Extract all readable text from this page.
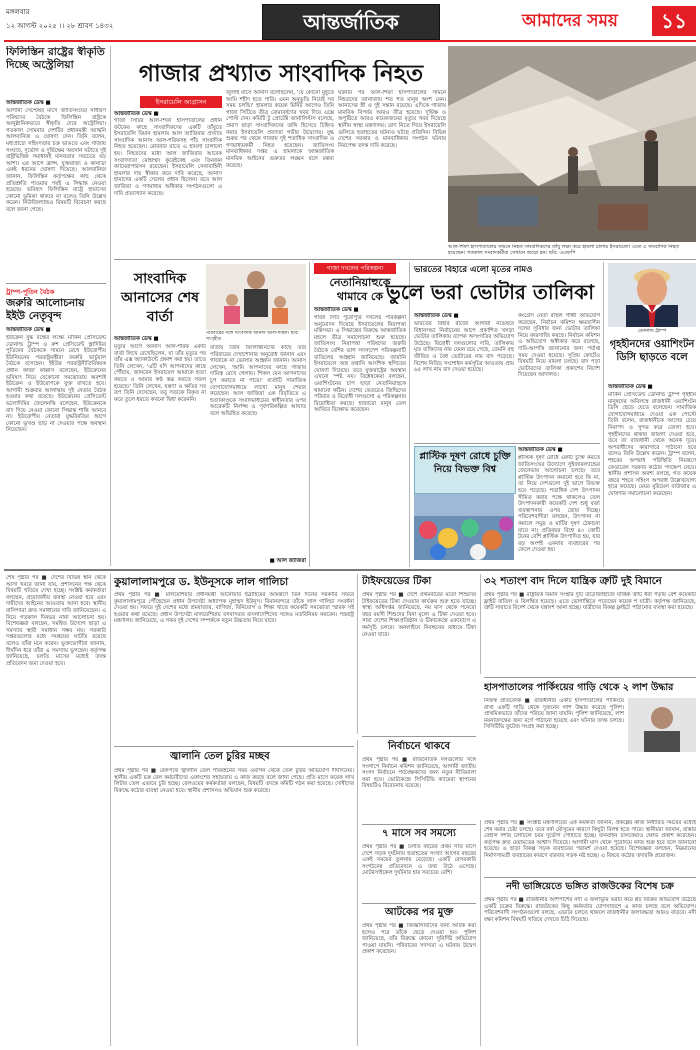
মঙ্গলবার
১২ আগস্ট ২০২৫ ।। ২৮ শ্রাবণ ১৪৩২	আন্তর্জাতিক	আমাদের সময়	১১
ফিলিস্তিন রাষ্ট্রের স্বীকৃতি দিচ্ছে অস্ট্রেলিয়া
আন্তর্জাতিক ডেস্ক ■
আগামী সেপ্টেম্বর মাসে জাতিসংঘের সাধারণ পরিষদের বৈঠকে ফিলিস্তিন রাষ্ট্রকে আনুষ্ঠানিকভাবে স্বীকৃতি দেবে অস্ট্রেলিয়া। গতকাল সোমবার দেশটির প্রধানমন্ত্রী অ্যান্থনি আলবানিজ এ ঘোষণা দেন। তিনি বলেন, মধ্যপ্রাচ্যে সহিংসতার চক্র ভাঙতে এবং গাজায় সংঘাত, দুর্ভোগ ও দুর্ভিক্ষের অবসান ঘটাতে দুই রাষ্ট্রভিত্তিক সমাধানই মানবতার সবচেয়ে বড় আশা। এর আগে ফ্রান্স, যুক্তরাজ্য ও কানাডা একই ধরনের ঘোষণা দিয়েছে। আলবানিজ জানান, ফিলিস্তিন কর্তৃপক্ষের কাছ থেকে প্রতিশ্রুতি পাওয়ার পরই এ সিদ্ধান্ত নেওয়া হয়েছে। ভবিষ্যৎ ফিলিস্তিন রাষ্ট্রে হামাসের কোনো ভূমিকা থাকবে না বলেও তিনি উল্লেখ করেন। নিউজিল্যান্ডও বিষয়টি বিবেচনা করছে বলে জানা গেছে।
ট্রাম্প-পুতিন বৈঠক
জরুরি আলোচনায় ইইউ নেতৃবৃন্দ
আন্তর্জাতিক ডেস্ক ■
ইউক্রেন যুদ্ধ বন্ধের লক্ষ্যে মার্কিন প্রেসিডেন্ট ডোনাল্ড ট্রাম্প ও রুশ প্রেসিডেন্ট ভ্লাদিমির পুতিনের বৈঠককে সামনে রেখে ইউরোপীয় ইউনিয়নের পররাষ্ট্রমন্ত্রীরা জরুরি ভার্চুয়াল বৈঠকে বসেছেন। ইইউর পররাষ্ট্রনীতিবিষয়ক প্রধান কাজা কাল্লাস বলেছেন, ইউক্রেনের ভবিষ্যৎ নিয়ে যেকোনো সমঝোতায় অবশ্যই ইউক্রেন ও ইউরোপকে যুক্ত রাখতে হবে। আগামী শুক্রবার আলাস্কায় দুই নেতার বৈঠক হওয়ার কথা রয়েছে। ইউক্রেনের প্রেসিডেন্ট ভলোদিমির জেলেনস্কি বলেছেন, ইউক্রেনকে বাদ দিয়ে নেওয়া কোনো সিদ্ধান্ত শান্তি আনবে না। ইউরোপীয় নেতারা যুদ্ধবিরতির আগে কোনো ভূখণ্ড ছাড় না দেওয়ার পক্ষে অবস্থান নিয়েছেন।
গাজার প্রখ্যাত সাংবাদিক নিহত
ইসরায়েলি আগ্রাসন
আন্তর্জাতিক ডেস্ক ■
গাজা সিটির আল-শিফা হাসপাতালের প্রধান ফটকের কাছে সাংবাদিকদের একটি তাঁবুতে ইসরায়েলি বিমান হামলায় আল জাজিরার প্রখ্যাত সাংবাদিক আনাস আল-শরিফসহ পাঁচ সাংবাদিক নিহত হয়েছেন। রোববার রাতে এ হামলা চালানো হয়। নিহতদের মধ্যে আল জাজিরার আরেক সংবাদদাতা মোহাম্মদ কুরেইকেহ এবং তিনজন ক্যামেরাপারসন রয়েছেন। ইসরায়েলি সেনাবাহিনী হামলার দায় স্বীকার করে দাবি করেছে, আনাস হামাসের একটি সেলের প্রধান ছিলেন। তবে আল জাজিরা ও গণমাধ্যম অধিকার সংগঠনগুলো এ দাবি প্রত্যাখ্যান করেছে।
জুলাই মাসে আনাস বলেছিলেন, 'যে কোনো মুহূর্তে আমি শহীদ হতে পারি। এমন অনুভূতি নিয়েই সব সময় চলছি।' হামলার কয়েক মিনিট আগেও তিনি গাজা সিটিতে তীব্র বোমাবর্ষণের খবর দিয়ে এক্সে পোস্ট দেন। কমিটি টু প্রোটেক্ট জার্নালিস্টস বলেছে, প্রমাণ ছাড়া সাংবাদিকদের জঙ্গি হিসেবে চিহ্নিত করার ইসরায়েলি প্রবণতা গভীর উদ্বেগের। যুদ্ধ শুরুর পর থেকে গাজায় দুই শতাধিক সাংবাদিক ও গণমাধ্যমকর্মী নিহত হয়েছেন। জাতিসংঘ মানবাধিকার দপ্তর এ হামলাকে আন্তর্জাতিক মানবিক আইনের গুরুতর লঙ্ঘন বলে মন্তব্য করেছে।
ঘটনার পর আল-শিফা হাসপাতালের সামনে নিহতদের জানাজায় শত শত মানুষ অংশ নেন। আনাসের স্ত্রী ও দুই সন্তান রয়েছে। এদিকে গাজায় মানবিক বিপর্যয় আরও তীব্র হয়েছে। দুর্ভিক্ষ ও অপুষ্টিতে আরও কয়েকজনের মৃত্যুর খবর দিয়েছে স্থানীয় স্বাস্থ্য মন্ত্রণালয়। ত্রাণ নিতে গিয়ে ইসরায়েলি গুলিতে হতাহতের ঘটনাও ঘটছে প্রতিদিন। বিভিন্ন দেশের সরকার ও মানবাধিকার সংগঠন ঘটনার নিরপেক্ষ তদন্ত দাবি করেছে।
আল-শিফা হাসপাতালের সামনে নিহত সাংবাদিকদের তাঁবু লক্ষ্য করে হামলা চালায় ইসরায়েল। এতে ৫ সাংবাদিক নিহত হয়েছেন। গতকাল সংবাদকর্মীরা সেখানে জড়ো হন। ছবি: এএফপি
সাংবাদিক আনাসের শেষ বার্তা
পরিবারের সঙ্গে সাংবাদিক আনাস আল-শরিফ। ছবি: সংগৃহীত
আন্তর্জাতিক ডেস্ক ■
মৃত্যুর আগে আনাস আল-শরিফ একটি বার্তা লিখে রেখেছিলেন, যা তাঁর মৃত্যুর পর তাঁর এক্স অ্যাকাউন্টে প্রকাশ করা হয়। তাতে তিনি লেখেন, 'এটি যদি আপনাদের কাছে পৌঁছায়, জানবেন ইসরায়েল আমাকে হত্যা করতে ও আমার কণ্ঠ স্তব্ধ করতে সফল হয়েছে।' তিনি লেখেন, যন্ত্রণা ও ক্ষতির সব রূপ তিনি দেখেছেন, তবু সত্যকে বিকৃত না করে তুলে ধরতে কখনো দ্বিধা করেননি।
বার্তায় তিনি ফিলিস্তিনিদের কাছে তাঁর পরিবারের দেখাশোনার অনুরোধ জানান এবং গাজাকে না ভোলার আহ্বান জানান। আনাস লেখেন, 'আমি আপনাদের কাছে গাজার দায়িত্ব রেখে গেলাম। শিকল যেন আপনাদের চুপ করাতে না পারে।' বার্তাটি সামাজিক যোগাযোগমাধ্যমে লাখো মানুষ শেয়ার করেছেন। আল জাজিরা এক বিবৃতিতে এ হত্যাকাণ্ডকে সংবাদমাধ্যমের স্বাধীনতার ওপর আরেকটি নির্লজ্জ ও পূর্বপরিকল্পিত আঘাত বলে অভিহিত করেছে।
■ আল জাজিরা
গাজা দখলের পরিকল্পনা
নেতানিয়াহুকে থামাবে কে
আন্তর্জাতিক ডেস্ক ■
গাজা সিটি পুরোপুরি দখলের পরিকল্পনা অনুমোদন দিয়েছে ইসরায়েলের নিরাপত্তা মন্ত্রিসভা। এ সিদ্ধান্তের বিরুদ্ধে আন্তর্জাতিক মহলে তীব্র সমালোচনা শুরু হয়েছে। জাতিসংঘ নিরাপত্তা পরিষদের জরুরি বৈঠকে বেশির ভাগ সদস্যদেশ পরিকল্পনাটি বাতিলের আহ্বান জানিয়েছে। জার্মানি ইসরায়েলে অস্ত্র রপ্তানি আংশিক স্থগিতের ঘোষণা দিয়েছে। তবে যুক্তরাষ্ট্রের অবস্থান এখনো স্পষ্ট নয়। বিশ্লেষকেরা বলছেন, ওয়াশিংটনের চাপ ছাড়া নেতানিয়াহুকে থামানো কঠিন। দেশের ভেতরেও জিম্মিদের পরিবার ও বিরোধী দলগুলো এ পরিকল্পনার বিরোধিতা করছে। হাজারো মানুষ তেল আবিবে বিক্ষোভ করেছেন।
ভারতের বিহারে এলো মৃতের নামও
ভুলে ভরা ভোটার তালিকা
আন্তর্জাতিক ডেস্ক ■
ভারতের বিহার রাজ্যে আগামী নভেম্বরে বিধানসভা নির্বাচনের আগে প্রকাশিত খসড়া ভোটার তালিকায় ব্যাপক অসংগতির অভিযোগ উঠেছে। বিরোধী দলগুলোর দাবি, তালিকায় মৃত ব্যক্তিদের নাম যেমন রয়ে গেছে, তেমনি বহু জীবিত ও বৈধ ভোটারের নাম বাদ পড়েছে। বিশেষ নিবিড় সংশোধন কর্মসূচির আওতায় প্রায় ৬৫ লাখ নাম বাদ দেওয়া হয়েছে।
কংগ্রেস নেতা রাহুল গান্ধী অভিযোগ করেছেন, নির্বাচন কমিশন ক্ষমতাসীন দলের সুবিধার জন্য ভোটার তালিকা নিয়ে কারসাজি করছে। নির্বাচন কমিশন এ অভিযোগ অস্বীকার করে বলেছে, দাবি-আপত্তি জানানোর জন্য পর্যাপ্ত সময় দেওয়া হয়েছে। সুপ্রিম কোর্টেও বিষয়টি নিয়ে মামলা চলছে। বাদ পড়া ভোটারদের তালিকা প্রকাশের নির্দেশ দিয়েছেন আদালত।
প্লাস্টিক দূষণ রোধে চুক্তি নিয়ে বিভক্ত বিশ্ব
আন্তর্জাতিক ডেস্ক ■
প্লাস্টিক দূষণ রোধে একটি চুক্তি করতে জাতিসংঘের উদ্যোগে সুইজারল্যান্ডের জেনেভায় আলোচনা চলছে। তবে প্লাস্টিক উৎপাদন কমানো হবে কি না, তা নিয়ে দেশগুলো দুই ভাগে বিভক্ত হয়ে পড়েছে। শতাধিক দেশ উৎপাদন সীমিত করার পক্ষে থাকলেও তেল উৎপাদনকারী কয়েকটি দেশ শুধু বর্জ্য ব্যবস্থাপনার ওপর জোর দিচ্ছে। পরিবেশবাদীরা বলছেন, উৎপাদন না কমালে সমুদ্র ও মাটির দূষণ ঠেকানো যাবে না। প্রতিবছর বিশ্বে ৪০ কোটি টনের বেশি প্লাস্টিক উৎপাদিত হয়, যার বড় অংশই একবার ব্যবহারের পর ফেলে দেওয়া হয়।
ডোনাল্ড ট্রাম্প
গৃহহীনদের ওয়াশিংটন ডিসি ছাড়তে বলে
আন্তর্জাতিক ডেস্ক ■
মার্কিন প্রেসিডেন্ট ডোনাল্ড ট্রাম্প গৃহহীন মানুষদের অবিলম্বে রাজধানী ওয়াশিংটন ডিসি ছেড়ে যেতে বলেছেন। সামাজিক যোগাযোগমাধ্যমে দেওয়া এক পোস্টে তিনি বলেন, রাজধানীকে আগের চেয়ে নিরাপদ ও সুন্দর করে তোলা হবে। গৃহহীনদের থাকার জায়গা দেওয়া হবে, তবে তা রাজধানী থেকে অনেক দূরে। অপরাধীদের কারাগারে পাঠানো হবে বলেও তিনি উল্লেখ করেন। ট্রাম্প বলেন, শহরের অপরাধ পরিস্থিতি নিয়ন্ত্রণে ফেডারেল সরকার কঠোর পদক্ষেপ নেবে। স্থানীয় প্রশাসন অবশ্য বলছে, গত কয়েক বছরে শহরে সহিংস অপরাধ উল্লেখযোগ্য হারে কমেছে। মেয়র মুরিয়েল বাউজার এ ঘোষণার সমালোচনা করেছেন।
শেষ পৃষ্ঠার পর ■ দেশের বিভিন্ন স্থান থেকে আসা খবরে জানা যায়, প্রশাসনের পক্ষ থেকে বিষয়টি খতিয়ে দেখা হচ্ছে। সংশ্লিষ্ট কর্মকর্তারা বলছেন, প্রয়োজনীয় ব্যবস্থা নেওয়া হবে এবং দায়ীদের আইনের আওতায় আনা হবে। স্থানীয় বাসিন্দারা দ্রুত সমাধানের দাবি জানিয়েছেন। এ নিয়ে গতকাল দিনভর নানা আলোচনা হয়। বিশেষজ্ঞরা বলছেন, সমন্বিত উদ্যোগ ছাড়া এ সমস্যার স্থায়ী সমাধান সম্ভব নয়। সরকারি দপ্তরগুলোর মধ্যে সমন্বয়ের ঘাটতি রয়েছে বলেও তাঁরা মনে করেন। ভুক্তভোগীরা জানান, দীর্ঘদিন ধরে তাঁরা এ সমস্যায় ভুগছেন। কর্তৃপক্ষ জানিয়েছে, চলতি মাসের মধ্যেই তদন্ত প্রতিবেদন জমা দেওয়া হবে।
কুয়ালালামপুরে ড. ইউনূসকে লাল গালিচা
প্রথম পৃষ্ঠার পর ■ মালয়েশিয়ার প্রধানমন্ত্রী আনোয়ার ইব্রাহিমের আমন্ত্রণে তিন দিনের সরকারি সফরে কুয়ালালামপুরে পৌঁছেছেন প্রধান উপদেষ্টা অধ্যাপক মুহাম্মদ ইউনূস। বিমানবন্দরে তাঁকে লাল গালিচা সংবর্ধনা দেওয়া হয়। সফরে দুই দেশের মধ্যে শ্রমবাজার, বাণিজ্য, বিনিয়োগ ও শিক্ষা খাতে কয়েকটি সমঝোতা স্মারক সই হওয়ার কথা রয়েছে। প্রধান উপদেষ্টা মালয়েশিয়ায় বসবাসরত বাংলাদেশিদের সঙ্গেও মতবিনিময় করবেন। পররাষ্ট্র মন্ত্রণালয় জানিয়েছে, এ সফর দুই দেশের সম্পর্ককে নতুন উচ্চতায় নিয়ে যাবে।
টাইফয়েডের টিকা
প্রথম পৃষ্ঠার পর ■ দেশে প্রথমবারের মতো শিশুদের টাইফয়েডের টিকা দেওয়ার কার্যক্রম শুরু হতে যাচ্ছে। স্বাস্থ্য অধিদপ্তর জানিয়েছে, নয় মাস থেকে পনেরো বছর বয়সী শিশুদের বিনা মূল্যে এ টিকা দেওয়া হবে। সারা দেশের শিক্ষাপ্রতিষ্ঠান ও টিকাকেন্দ্রে একযোগে এ কর্মসূচি চলবে। অনলাইনে নিবন্ধনের মাধ্যমে টিকা নেওয়া যাবে।
৩২ শতাংশ বাদ দিলে যান্ত্রিক ত্রুটি দুই বিমানে
প্রথম পৃষ্ঠার পর ■ রাষ্ট্রায়ত্ত বিমান সংস্থার দুটি উড়োজাহাজে যান্ত্রিক ত্রুটি ধরা পড়ায় বেশ কয়েকটি ফ্লাইট বাতিল ও বিলম্বিত হয়েছে। এতে ভোগান্তিতে পড়েছেন কয়েক শ যাত্রী। কর্তৃপক্ষ জানিয়েছে, ত্রুটি সারাতে বিদেশ থেকে যন্ত্রাংশ আনা হচ্ছে। যাত্রীদের বিকল্প ফ্লাইটে পাঠানোর ব্যবস্থা করা হয়েছে।
হাসপাতালের পার্কিংয়ের গাড়ি থেকে ২ লাশ উদ্ধার
নিজস্ব প্রতিবেদক ■ রাজধানীর একটি হাসপাতালের পার্কিংয়ে রাখা একটি গাড়ি থেকে দুজনের লাশ উদ্ধার করেছে পুলিশ। প্রাথমিকভাবে তাঁদের পরিচয় জানা যায়নি। পুলিশ জানিয়েছে, লাশ ময়নাতদন্তের জন্য মর্গে পাঠানো হয়েছে এবং ঘটনার তদন্ত চলছে। সিসিটিভি ফুটেজ সংগ্রহ করা হচ্ছে।
জ্বালানি তেল চুরির মচ্ছব
প্রথম পৃষ্ঠার পর ■ রেলপথে জ্বালানি তেল পরিবহনের সময় ওয়াগন থেকে তেল চুরির অভিযোগ দীর্ঘদিনের। স্থানীয় একটি চক্র রেল কর্মচারীদের একাংশের সহায়তায় এ কাজ করছে বলে জানা গেছে। প্রতি মাসে কয়েক লাখ লিটার তেল এভাবে চুরি হচ্ছে। রেলওয়ের কর্মকর্তারা বলছেন, বিষয়টি তদন্তে কমিটি গঠন করা হয়েছে। দোষীদের বিরুদ্ধে কঠোর ব্যবস্থা নেওয়া হবে। স্থানীয় প্রশাসনও অভিযান শুরু করেছে।
নির্বাচনে থাকবে
প্রথম পৃষ্ঠার পর ■ রাজনৈতিক দলগুলোর সঙ্গে সংলাপে নির্বাচন কমিশন জানিয়েছে, আগামী জাতীয় সংসদ নির্বাচনে পর্যবেক্ষকদের জন্য নতুন নীতিমালা করা হবে। ভোটকেন্দ্রে সিসিটিভি ক্যামেরা স্থাপনের বিষয়টিও বিবেচনায় রয়েছে।
৭ মাসে সব সমস্যে
প্রথম পৃষ্ঠার পর ■ চলতি বছরের প্রথম সাত মাসে দেশে সড়ক দুর্ঘটনায় হতাহতের সংখ্যা আগের বছরের একই সময়ের তুলনায় বেড়েছে। একটি বেসরকারি সংগঠনের প্রতিবেদনে এ তথ্য উঠে এসেছে। মোটরসাইকেল দুর্ঘটনার হার সবচেয়ে বেশি।
আটকের পর মুক্ত
প্রথম পৃষ্ঠার পর ■ জিজ্ঞাসাবাদের জন্য আটক করা হলেও পরে তাঁকে ছেড়ে দেওয়া হয়। পুলিশ জানিয়েছে, তাঁর বিরুদ্ধে কোনো সুনির্দিষ্ট অভিযোগ পাওয়া যায়নি। পরিবারের সদস্যরা এ ঘটনায় উদ্বেগ প্রকাশ করেছেন।
প্রথম পৃষ্ঠার পর ■ সংশ্লিষ্ট মন্ত্রণালয়ের এক কর্মকর্তা জানান, প্রকল্পের কাজ নির্ধারিত সময়ের মধ্যেই শেষ করার চেষ্টা চলছে। তবে বর্ষা মৌসুমের কারণে কিছুটা বিলম্ব হতে পারে। স্থানীয়রা জানান, রাস্তার বেহাল দশায় চলাচলে চরম দুর্ভোগ পোহাতে হচ্ছে। যানবাহন চালকেরাও ক্ষোভ প্রকাশ করেছেন। কর্তৃপক্ষ দ্রুত মেরামতের আশ্বাস দিয়েছে। আগামী মাস থেকে পুরোদমে কাজ শুরু হবে বলে জানানো হয়েছে। এ ছাড়া বিকল্প সড়ক ব্যবহারের পরামর্শ দেওয়া হয়েছে। বিশেষজ্ঞরা বলছেন, নিম্নমানের নির্মাণসামগ্রী ব্যবহারের কারণে বারবার সড়ক নষ্ট হচ্ছে। এ বিষয়ে কঠোর তদারকি প্রয়োজন।
নদী ভাঙ্গিয়েতে ভঙ্গিত রাজউকের বিশেষ চক্র
প্রথম পৃষ্ঠার পর ■ রাজধানীর আশপাশের নদী ও জলাভূমি ভরাট করে প্লট বিক্রির অভিযোগ উঠেছে একটি চক্রের বিরুদ্ধে। রাজউকের কিছু কর্মকর্তার যোগসাজশে এ কাজ চলছে বলে অভিযোগ। পরিবেশবাদী সংগঠনগুলো বলছে, এভাবে চলতে থাকলে রাজধানীর জলাবদ্ধতা আরও বাড়বে। নদী রক্ষা কমিশন বিষয়টি খতিয়ে দেখতে চিঠি দিয়েছে।
